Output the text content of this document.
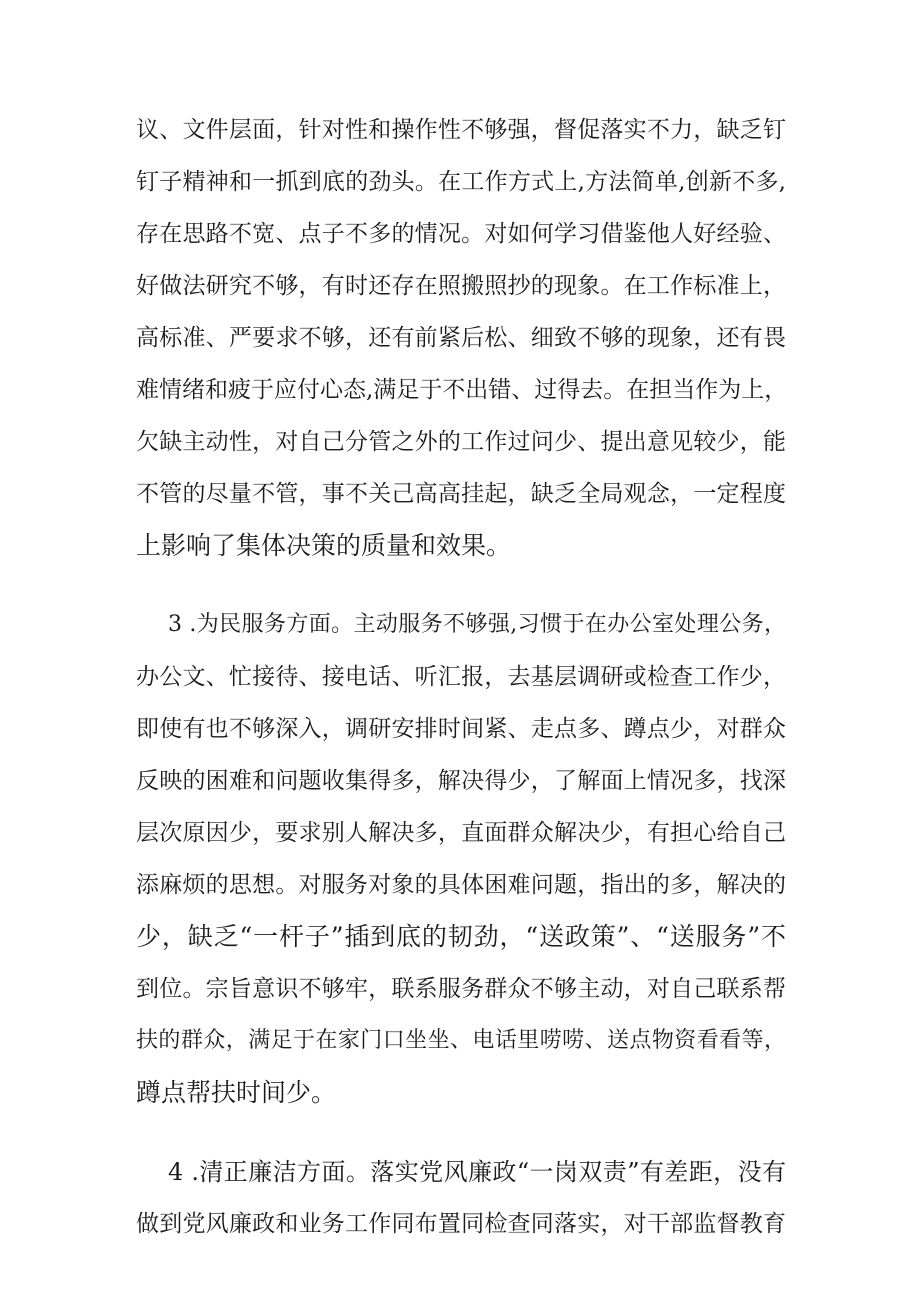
议、文件层面，针对性和操作性不够强，督促落实不力，缺乏钉
钉子精神和一抓到底的劲头。在工作方式上,方法简单,创新不多,
存在思路不宽、点子不多的情况。对如何学习借鉴他人好经验、
好做法研究不够，有时还存在照搬照抄的现象。在工作标准上，
高标准、严要求不够，还有前紧后松、细致不够的现象，还有畏
难情绪和疲于应付心态,满足于不出错、过得去。在担当作为上，
欠缺主动性，对自己分管之外的工作过问少、提出意见较少，能
不管的尽量不管，事不关己高高挂起，缺乏全局观念，一定程度
上影响了集体决策的质量和效果。
3 .为民服务方面。主动服务不够强,习惯于在办公室处理公务，
办公文、忙接待、接电话、听汇报，去基层调研或检查工作少，
即使有也不够深入，调研安排时间紧、走点多、蹲点少，对群众
反映的困难和问题收集得多，解决得少，了解面上情况多，找深
层次原因少，要求别人解决多，直面群众解决少，有担心给自己
添麻烦的思想。对服务对象的具体困难问题，指出的多，解决的
少，缺乏“一杆子”插到底的韧劲，“送政策”、“送服务”不
到位。宗旨意识不够牢，联系服务群众不够主动，对自己联系帮
扶的群众，满足于在家门口坐坐、电话里唠唠、送点物资看看等，
蹲点帮扶时间少。
4 .清正廉洁方面。落实党风廉政“一岗双责”有差距，没有
做到党风廉政和业务工作同布置同检查同落实，对干部监督教育
